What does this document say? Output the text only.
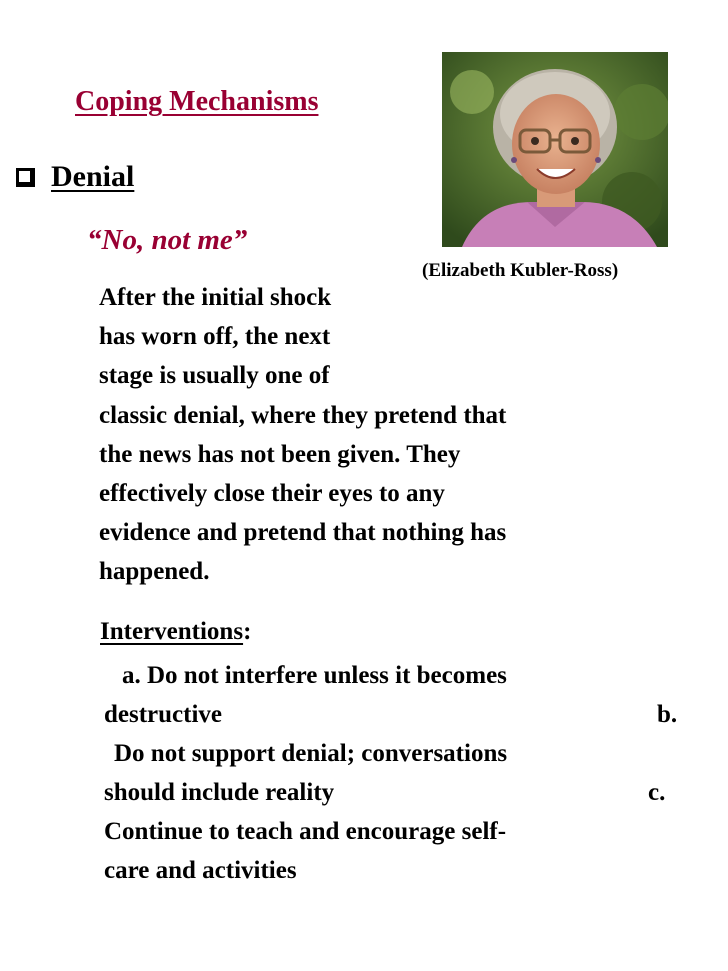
Coping Mechanisms
Denial
“No, not me”
(Elizabeth Kubler-Ross)
After the initial shock
has worn off, the next
stage is usually one of
classic denial, where they pretend that
the news has not been given. They
effectively close their eyes to any
evidence and pretend that nothing has
happened.
Interventions:
a. Do not interfere unless it becomes
destructive	b.
Do not support denial; conversations
should include reality	c.
Continue to teach and encourage self-
care and activities
